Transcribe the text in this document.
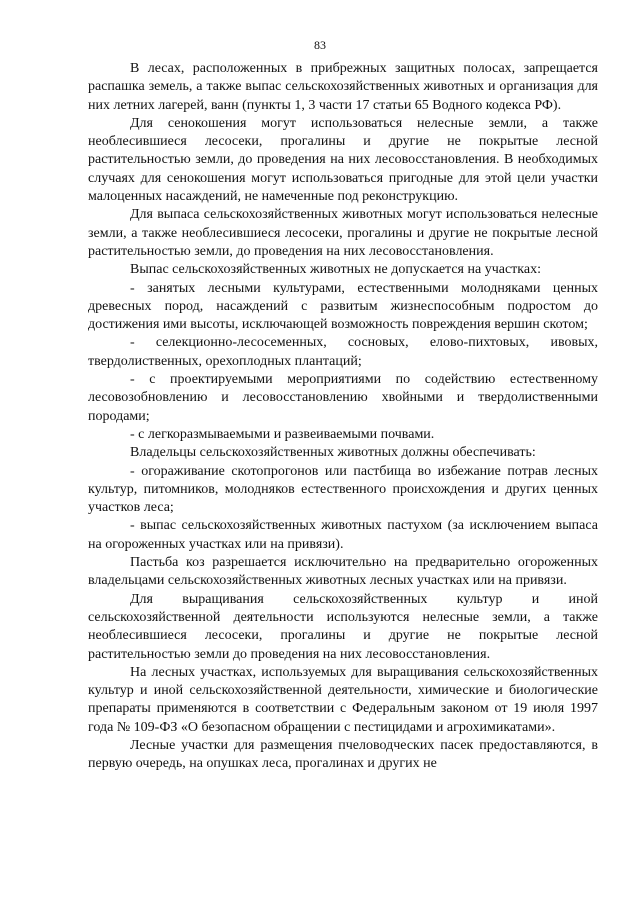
83

В лесах, расположенных в прибрежных защитных полосах, запрещается распашка земель, а также выпас сельскохозяйственных животных и организация для них летних лагерей, ванн (пункты 1, 3 части 17 статьи 65 Водного кодекса РФ).

Для сенокошения могут использоваться нелесные земли, а также необлесившиеся лесосеки, прогалины и другие не покрытые лесной растительностью земли, до проведения на них лесовосстановления. В необходимых случаях для сенокошения могут использоваться пригодные для этой цели участки малоценных насаждений, не намеченные под реконструкцию.

Для выпаса сельскохозяйственных животных могут использоваться нелесные земли, а также необлесившиеся лесосеки, прогалины и другие не покрытые лесной растительностью земли, до проведения на них лесовосстановления.

Выпас сельскохозяйственных животных не допускается на участках:

- занятых лесными культурами, естественными молодняками ценных древесных пород, насаждений с развитым жизнеспособным подростом до достижения ими высоты, исключающей возможность повреждения вершин скотом;

- селекционно-лесосеменных, сосновых, елово-пихтовых, ивовых, твердолиственных, орехоплодных плантаций;

- с проектируемыми мероприятиями по содействию естественному лесовозобновлению и лесовосстановлению хвойными и твердолиственными породами;

- с легкоразмываемыми и развеиваемыми почвами.

Владельцы сельскохозяйственных животных должны обеспечивать:

- огораживание скотопрогонов или пастбища во избежание потрав лесных культур, питомников, молодняков естественного происхождения и других ценных участков леса;

- выпас сельскохозяйственных животных пастухом (за исключением выпаса на огороженных участках или на привязи).

Пастьба коз разрешается исключительно на предварительно огороженных владельцами сельскохозяйственных животных лесных участках или на привязи.

Для выращивания сельскохозяйственных культур и иной сельскохозяйственной деятельности используются нелесные земли, а также необлесившиеся лесосеки, прогалины и другие не покрытые лесной растительностью земли до проведения на них лесовосстановления.

На лесных участках, используемых для выращивания сельскохозяйственных культур и иной сельскохозяйственной деятельности, химические и биологические препараты применяются в соответствии с Федеральным законом от 19 июля 1997 года № 109-ФЗ «О безопасном обращении с пестицидами и агрохимикатами».

Лесные участки для размещения пчеловодческих пасек предоставляются, в первую очередь, на опушках леса, прогалинах и других не
